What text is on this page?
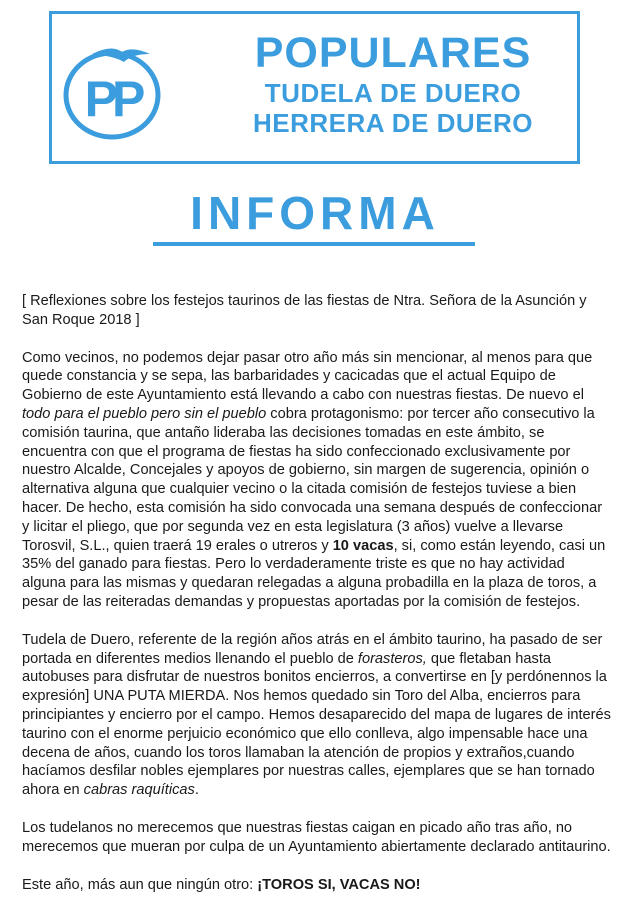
PP
POPULARES
TUDELA DE DUERO
HERRERA DE DUERO
INFORMA

[ Reflexiones sobre los festejos taurinos de las fiestas de Ntra. Señora de la Asunción y San Roque 2018 ]

Como vecinos, no podemos dejar pasar otro año más sin mencionar, al menos para que quede constancia y se sepa, las barbaridades y cacicadas que el actual Equipo de Gobierno de este Ayuntamiento está llevando a cabo con nuestras fiestas. De nuevo el todo para el pueblo pero sin el pueblo cobra protagonismo: por tercer año consecutivo la comisión taurina, que antaño lideraba las decisiones tomadas en este ámbito, se encuentra con que el programa de fiestas ha sido confeccionado exclusivamente por nuestro Alcalde, Concejales y apoyos de gobierno, sin margen de sugerencia, opinión o alternativa alguna que cualquier vecino o la citada comisión de festejos tuviese a bien hacer. De hecho, esta comisión ha sido convocada una semana después de confeccionar y licitar el pliego, que por segunda vez en esta legislatura (3 años) vuelve a llevarse Torosvil, S.L., quien traerá 19 erales o utreros y 10 vacas, si, como están leyendo, casi un 35% del ganado para fiestas. Pero lo verdaderamente triste es que no hay actividad alguna para las mismas y quedaran relegadas a alguna probadilla en la plaza de toros, a pesar de las reiteradas demandas y propuestas aportadas por la comisión de festejos.

Tudela de Duero, referente de la región años atrás en el ámbito taurino, ha pasado de ser portada en diferentes medios llenando el pueblo de forasteros, que fletaban hasta autobuses para disfrutar de nuestros bonitos encierros, a convertirse en [y perdónennos la expresión] UNA PUTA MIERDA. Nos hemos quedado sin Toro del Alba, encierros para principiantes y encierro por el campo. Hemos desaparecido del mapa de lugares de interés taurino con el enorme perjuicio económico que ello conlleva, algo impensable hace una decena de años, cuando los toros llamaban la atención de propios y extraños,cuando hacíamos desfilar nobles ejemplares por nuestras calles, ejemplares que se han tornado ahora en cabras raquíticas.

Los tudelanos no merecemos que nuestras fiestas caigan en picado año tras año, no merecemos que mueran por culpa de un Ayuntamiento abiertamente declarado antitaurino.

Este año, más aun que ningún otro: ¡TOROS SI, VACAS NO!
